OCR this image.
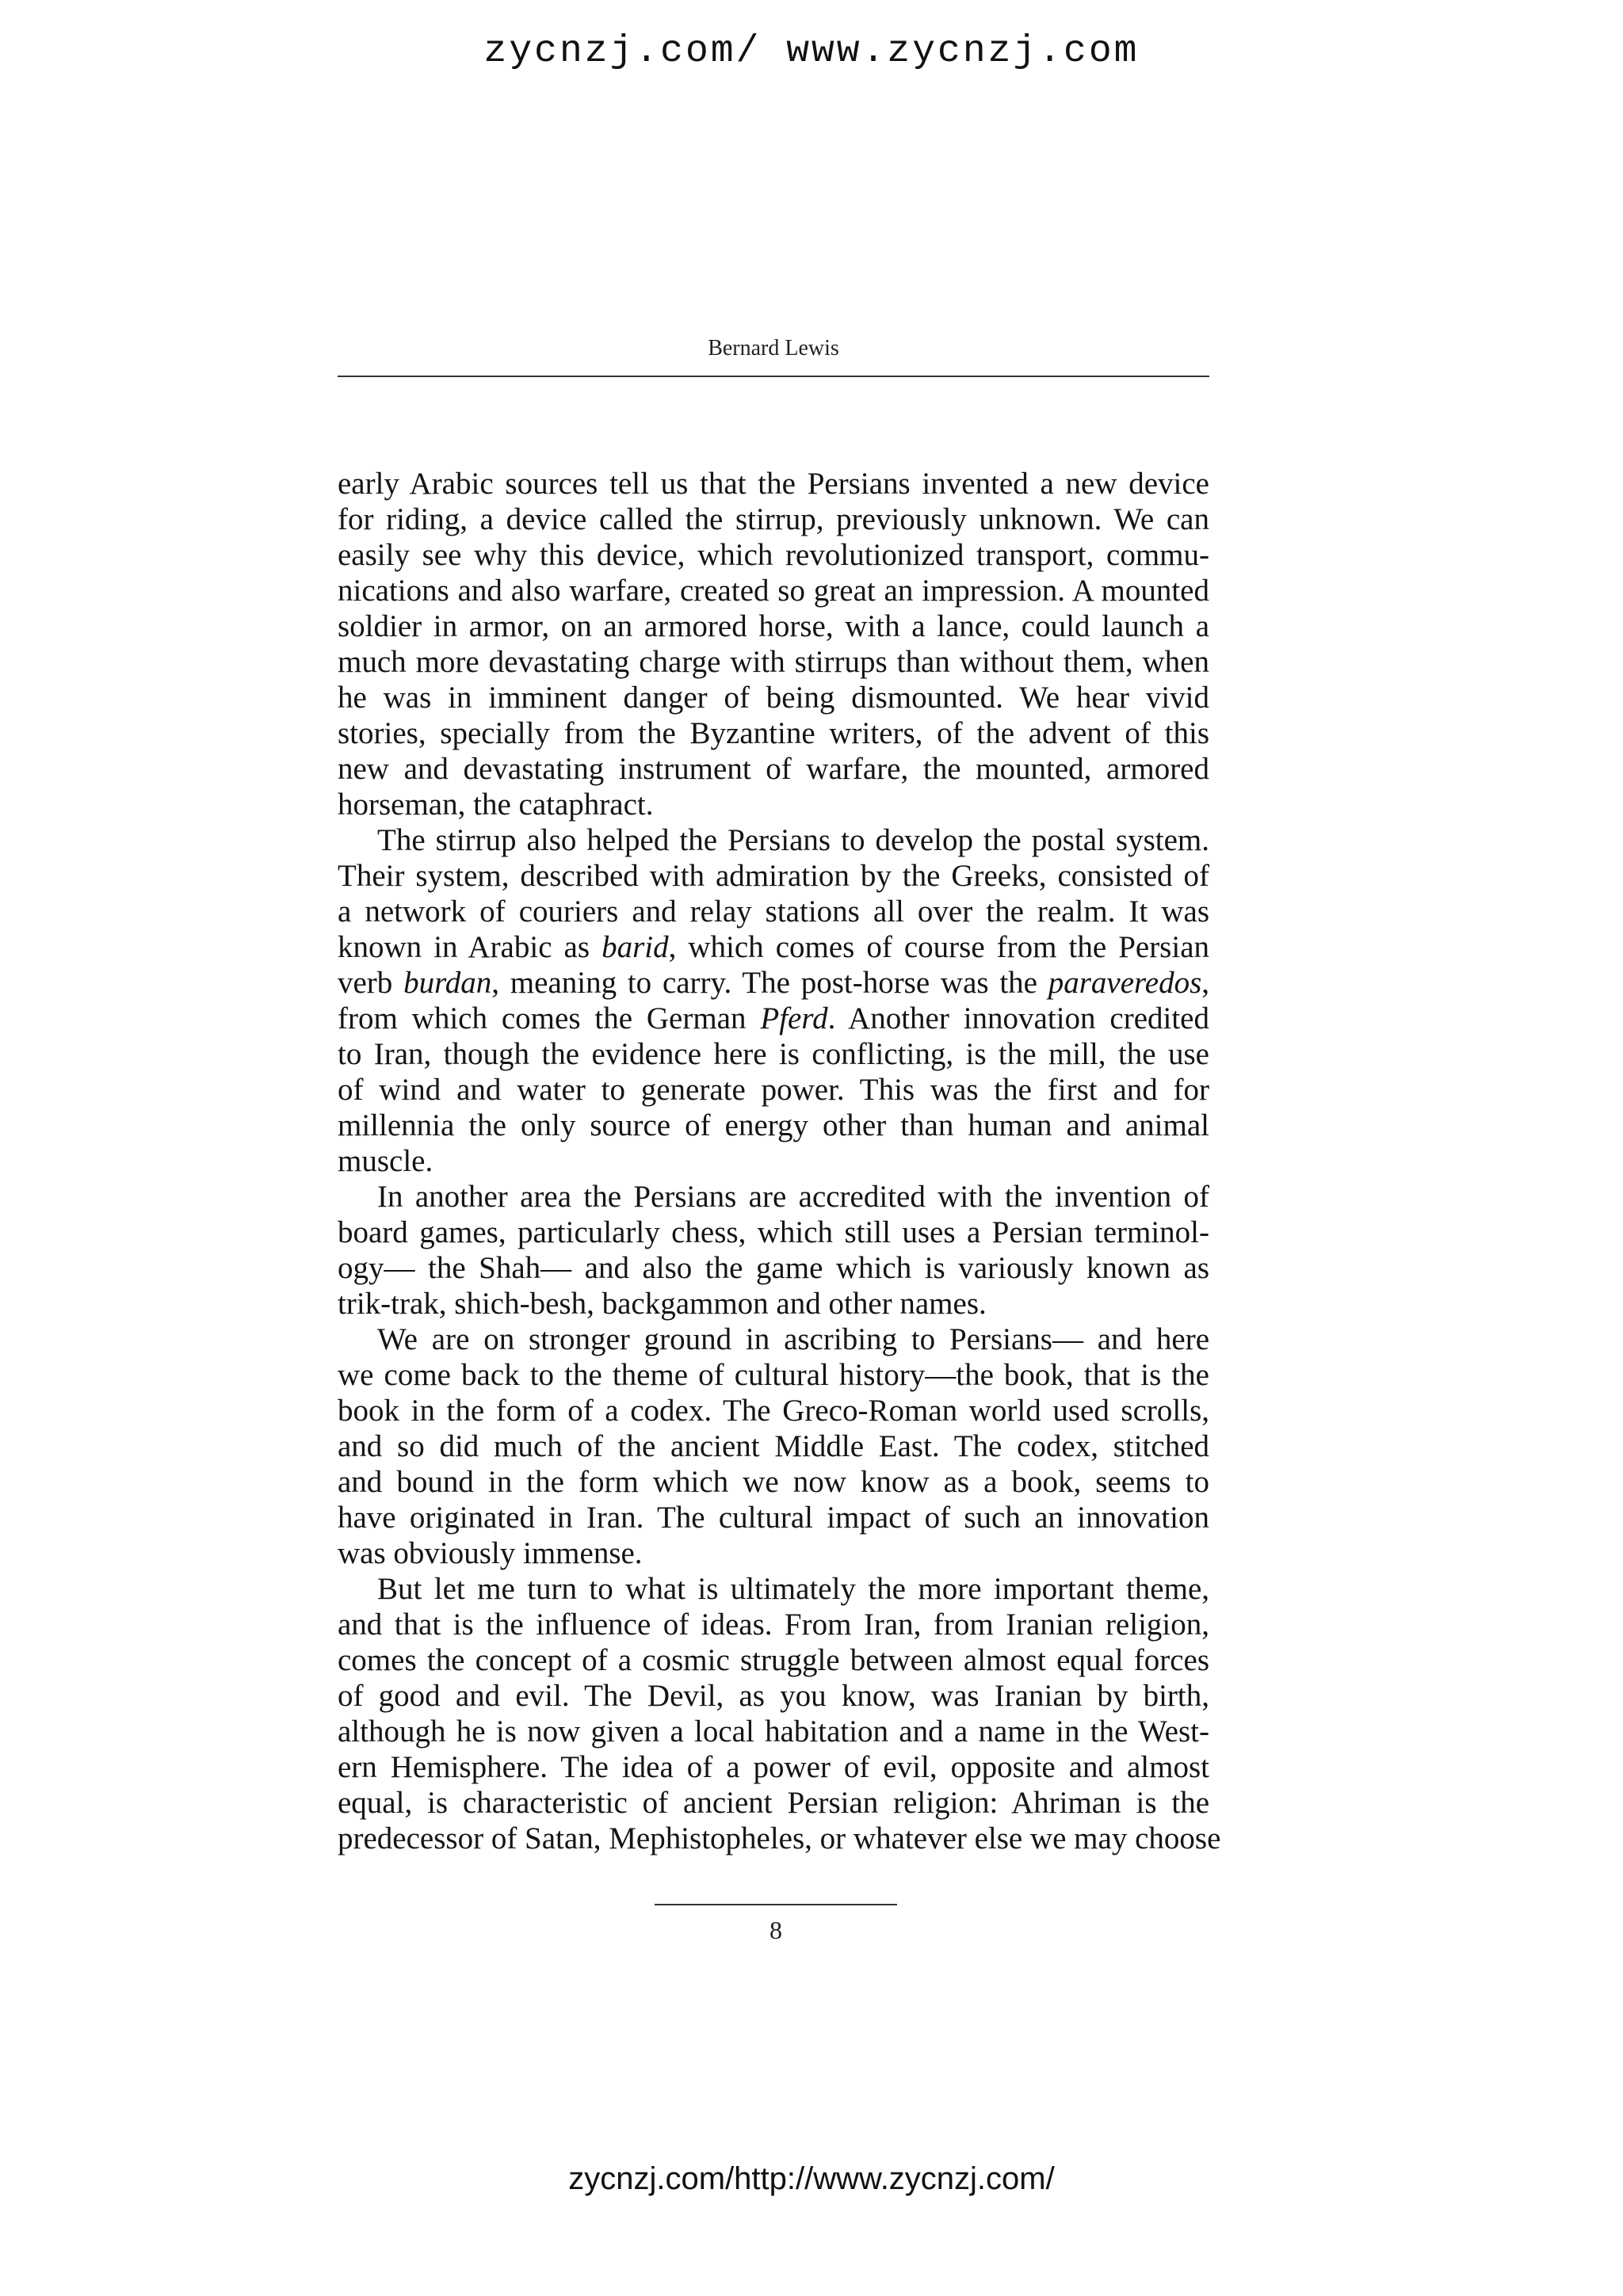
zycnzj.com/ www.zycnzj.com
Bernard Lewis
early Arabic sources tell us that the Persians invented a new device
for riding, a device called the stirrup, previously unknown. We can
easily see why this device, which revolutionized transport, commu-
nications and also warfare, created so great an impression. A mounted
soldier in armor, on an armored horse, with a lance, could launch a
much more devastating charge with stirrups than without them, when
he was in imminent danger of being dismounted. We hear vivid
stories, specially from the Byzantine writers, of the advent of this
new and devastating instrument of warfare, the mounted, armored
horseman, the cataphract.
The stirrup also helped the Persians to develop the postal system.
Their system, described with admiration by the Greeks, consisted of
a network of couriers and relay stations all over the realm. It was
known in Arabic as barid, which comes of course from the Persian
verb burdan, meaning to carry. The post-horse was the paraveredos,
from which comes the German Pferd. Another innovation credited
to Iran, though the evidence here is conflicting, is the mill, the use
of wind and water to generate power. This was the first and for
millennia the only source of energy other than human and animal
muscle.
In another area the Persians are accredited with the invention of
board games, particularly chess, which still uses a Persian terminol-
ogy— the Shah— and also the game which is variously known as
trik-trak, shich-besh, backgammon and other names.
We are on stronger ground in ascribing to Persians— and here
we come back to the theme of cultural history—the book, that is the
book in the form of a codex. The Greco-Roman world used scrolls,
and so did much of the ancient Middle East. The codex, stitched
and bound in the form which we now know as a book, seems to
have originated in Iran. The cultural impact of such an innovation
was obviously immense.
But let me turn to what is ultimately the more important theme,
and that is the influence of ideas. From Iran, from Iranian religion,
comes the concept of a cosmic struggle between almost equal forces
of good and evil. The Devil, as you know, was Iranian by birth,
although he is now given a local habitation and a name in the West-
ern Hemisphere. The idea of a power of evil, opposite and almost
equal, is characteristic of ancient Persian religion: Ahriman is the
predecessor of Satan, Mephistopheles, or whatever else we may choose
8
zycnzj.com/http://www.zycnzj.com/
